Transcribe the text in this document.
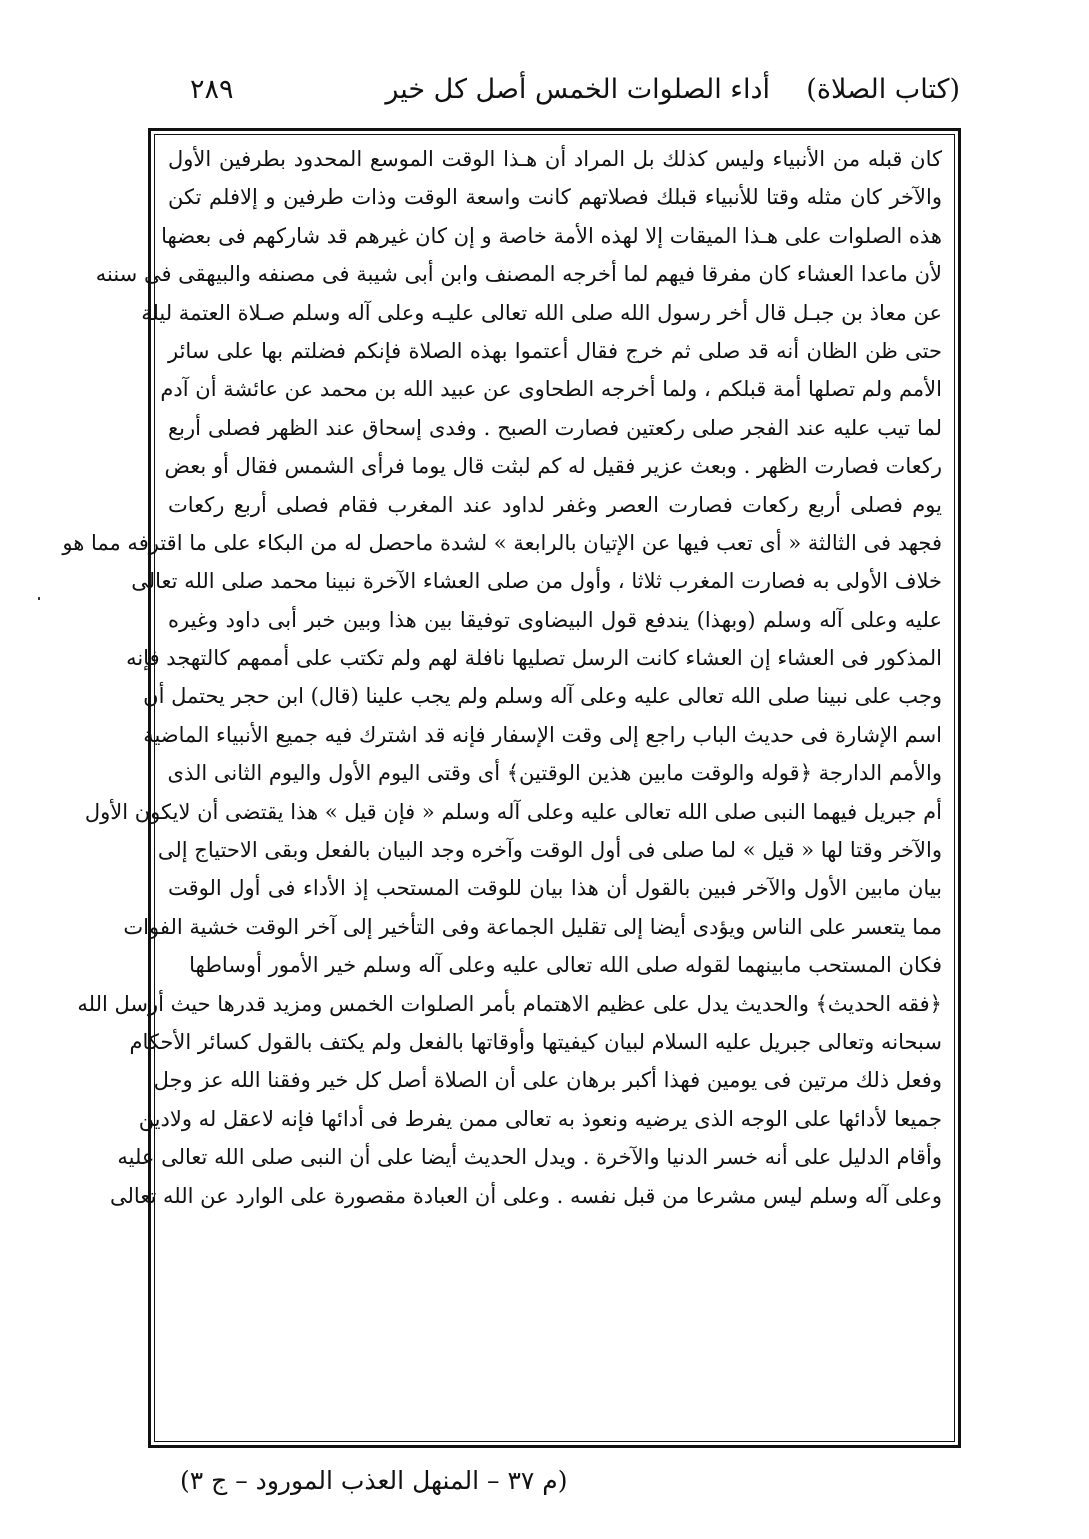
(كتاب الصلاة)
أداء الصلوات الخمس أصل كل خير
٢٨٩
كان قبله من الأنبياء وليس كذلك بل المراد أن هـذا الوقت الموسع المحدود بطرفين الأول
والآخر كان مثله وقتا للأنبياء قبلك فصلاتهم كانت واسعة الوقت وذات طرفين و إلافلم تكن
هذه الصلوات على هـذا الميقات إلا لهذه الأمة خاصة و إن كان غيرهم قد شاركهم فى بعضها
لأن ماعدا العشاء كان مفرقا فيهم لما أخرجه المصنف وابن أبى شيبة فى مصنفه والبيهقى فى سننه
عن معاذ بن جبـل قال أخر رسول الله صلى الله تعالى عليـه وعلى آله وسلم صـلاة العتمة ليلة
حتى ظن الظان أنه قد صلى ثم خرج فقال أعتموا بهذه الصلاة فإنكم فضلتم بها على سائر
الأمم ولم تصلها أمة قبلكم ، ولما أخرجه الطحاوى عن عبيد الله بن محمد عن عائشة أن آدم
لما تيب عليه عند الفجر صلى ركعتين فصارت الصبح . وفدى إسحاق عند الظهر فصلى أربع
ركعات فصارت الظهر . وبعث عزير فقيل له كم لبثت قال يوما فرأى الشمس فقال أو بعض
يوم فصلى أربع ركعات فصارت العصر وغفر لداود عند المغرب فقام فصلى أربع ركعات
فجهد فى الثالثة « أى تعب فيها عن الإتيان بالرابعة » لشدة ماحصل له من البكاء على ما اقترفه مما هو
خلاف الأولى به فصارت المغرب ثلاثا ، وأول من صلى العشاء الآخرة نبينا محمد صلى الله تعالى
عليه وعلى آله وسلم (وبهذا) يندفع قول البيضاوى توفيقا بين هذا وبين خبر أبى داود وغيره
المذكور فى العشاء إن العشاء كانت الرسل تصليها نافلة لهم ولم تكتب على أممهم كالتهجد فإنه
وجب على نبينا صلى الله تعالى عليه وعلى آله وسلم ولم يجب علينا (قال) ابن حجر يحتمل أن
اسم الإشارة فى حديث الباب راجع إلى وقت الإسفار فإنه قد اشترك فيه جميع الأنبياء الماضية
والأمم الدارجة ﴿قوله والوقت مابين هذين الوقتين﴾ أى وقتى اليوم الأول واليوم الثانى الذى
أم جبريل فيهما النبى صلى الله تعالى عليه وعلى آله وسلم « فإن قيل » هذا يقتضى أن لايكون الأول
والآخر وقتا لها « قيل » لما صلى فى أول الوقت وآخره وجد البيان بالفعل وبقى الاحتياج إلى
بيان مابين الأول والآخر فبين بالقول أن هذا بيان للوقت المستحب إذ الأداء فى أول الوقت
مما يتعسر على الناس ويؤدى أيضا إلى تقليل الجماعة وفى التأخير إلى آخر الوقت خشية الفوات
فكان المستحب مابينهما لقوله صلى الله تعالى عليه وعلى آله وسلم خير الأمور أوساطها
﴿فقه الحديث﴾ والحديث يدل على عظيم الاهتمام بأمر الصلوات الخمس ومزيد قدرها حيث أرسل الله
سبحانه وتعالى جبريل عليه السلام لبيان كيفيتها وأوقاتها بالفعل ولم يكتف بالقول كسائر الأحكام
وفعل ذلك مرتين فى يومين فهذا أكبر برهان على أن الصلاة أصل كل خير وفقنا الله عز وجل
جميعا لأدائها على الوجه الذى يرضيه ونعوذ به تعالى ممن يفرط فى أدائها فإنه لاعقل له ولادين
وأقام الدليل على أنه خسر الدنيا والآخرة . ويدل الحديث أيضا على أن النبى صلى الله تعالى عليه
وعلى آله وسلم ليس مشرعا من قبل نفسه . وعلى أن العبادة مقصورة على الوارد عن الله تعالى
(م ٣٧ – المنهل العذب المورود – ج ٣)
